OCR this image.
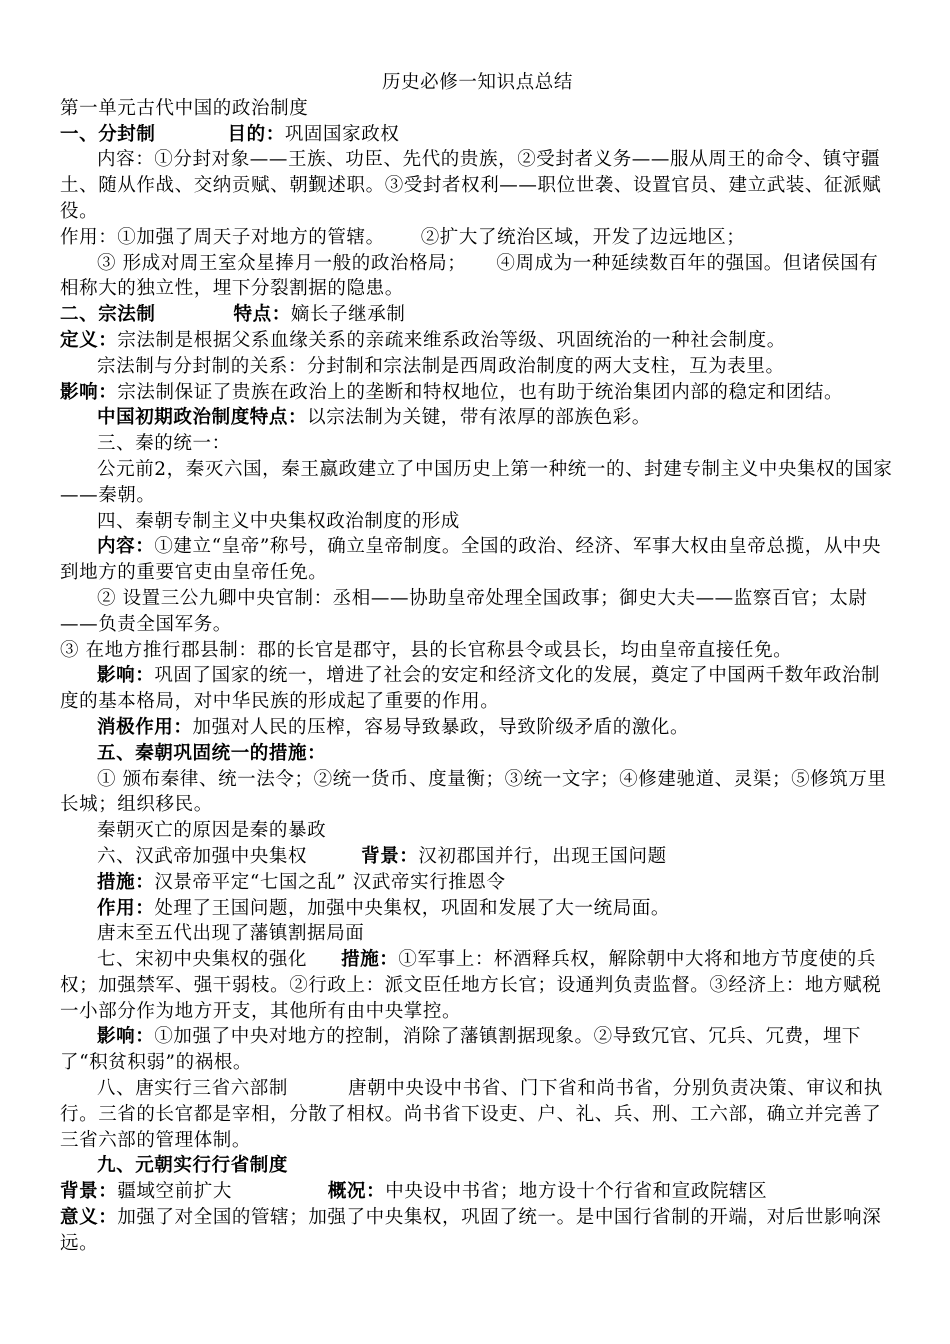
历史必修一知识点总结
第一单元古代中国的政治制度
一、分封制	目的：巩固国家政权
内容：①分封对象——王族、功臣、先代的贵族，②受封者义务——服从周王的命令、镇守疆土、随从作战、交纳贡赋、朝觐述职。③受封者权利——职位世袭、设置官员、建立武装、征派赋役。
作用：①加强了周天子对地方的管辖。 ②扩大了统治区域，开发了边远地区；
③ 形成对周王室众星捧月一般的政治格局； ④周成为一种延续数百年的强国。但诸侯国有相称大的独立性，埋下分裂割据的隐患。
二、宗法制	特点：嫡长子继承制
定义：宗法制是根据父系血缘关系的亲疏来维系政治等级、巩固统治的一种社会制度。
宗法制与分封制的关系：分封制和宗法制是西周政治制度的两大支柱，互为表里。
影响：宗法制保证了贵族在政治上的垄断和特权地位，也有助于统治集团内部的稳定和团结。
中国初期政治制度特点：以宗法制为关键，带有浓厚的部族色彩。
三、秦的统一：
公元前2，秦灭六国，秦王嬴政建立了中国历史上第一种统一的、封建专制主义中央集权的国家——秦朝。
四、秦朝专制主义中央集权政治制度的形成
内容：①建立“皇帝”称号，确立皇帝制度。全国的政治、经济、军事大权由皇帝总揽，从中央到地方的重要官吏由皇帝任免。
② 设置三公九卿中央官制：丞相——协助皇帝处理全国政事；御史大夫——监察百官；太尉——负责全国军务。
③ 在地方推行郡县制：郡的长官是郡守，县的长官称县令或县长，均由皇帝直接任免。
影响：巩固了国家的统一，增进了社会的安定和经济文化的发展，奠定了中国两千数年政治制度的基本格局，对中华民族的形成起了重要的作用。
消极作用：加强对人民的压榨，容易导致暴政，导致阶级矛盾的激化。
五、秦朝巩固统一的措施：
① 颁布秦律、统一法令；②统一货币、度量衡；③统一文字；④修建驰道、灵渠；⑤修筑万里长城；组织移民。
秦朝灭亡的原因是秦的暴政
六、汉武帝加强中央集权	背景：汉初郡国并行，出现王国问题
措施：汉景帝平定“七国之乱” 汉武帝实行推恩令
作用：处理了王国问题，加强中央集权，巩固和发展了大一统局面。
唐末至五代出现了藩镇割据局面
七、宋初中央集权的强化 措施：①军事上：杯酒释兵权，解除朝中大将和地方节度使的兵权；加强禁军、强干弱枝。②行政上：派文臣任地方长官；设通判负责监督。③经济上：地方赋税一小部分作为地方开支，其他所有由中央掌控。
影响：①加强了中央对地方的控制，消除了藩镇割据现象。②导致冗官、冗兵、冗费，埋下了“积贫积弱”的祸根。
八、唐实行三省六部制	唐朝中央设中书省、门下省和尚书省，分别负责决策、审议和执行。三省的长官都是宰相，分散了相权。尚书省下设吏、户、礼、兵、刑、工六部，确立并完善了三省六部的管理体制。
九、元朝实行行省制度
背景：疆域空前扩大	概况：中央设中书省；地方设十个行省和宣政院辖区
意义：加强了对全国的管辖；加强了中央集权，巩固了统一。是中国行省制的开端，对后世影响深远。
